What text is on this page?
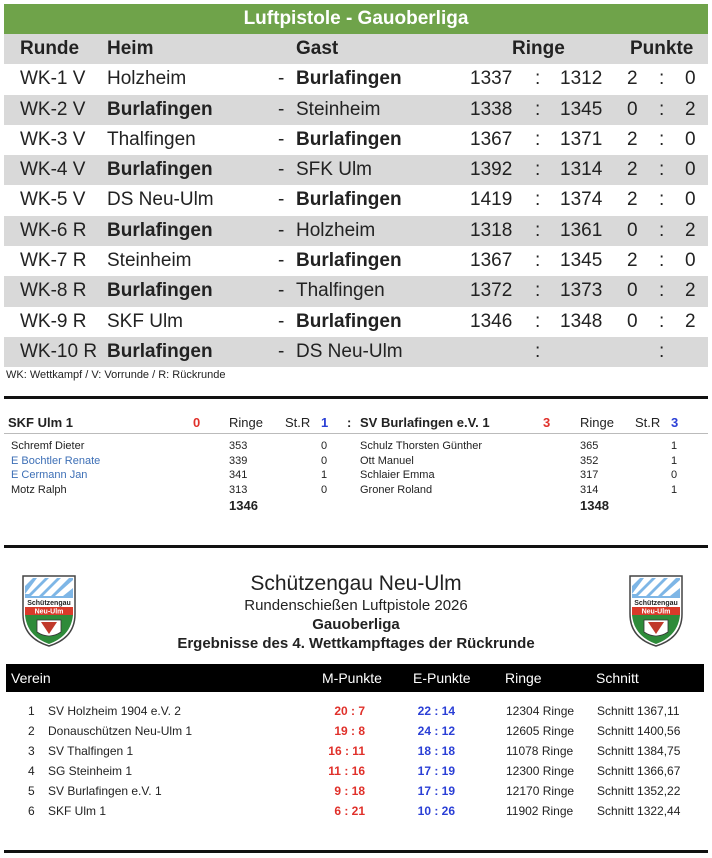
Luftpistole - Gauoberliga
Runde Heim	Gast	Ringe	Punkte
WK-1 V Holzheim	- Burlafingen	1337 : 1312 2 : 0
WK-2 V Burlafingen	- Steinheim	1338 : 1345 0 : 2
WK-3 V Thalfingen	- Burlafingen	1367 : 1371 2 : 0
WK-4 V Burlafingen	- SFK Ulm	1392 : 1314 2 : 0
WK-5 V DS Neu-Ulm	- Burlafingen	1419 : 1374 2 : 0
WK-6 R Burlafingen	- Holzheim	1318 : 1361 0 : 2
WK-7 R Steinheim	- Burlafingen	1367 : 1345 2 : 0
WK-8 R Burlafingen	- Thalfingen	1372 : 1373 0 : 2
WK-9 R SKF Ulm	- Burlafingen	1346 : 1348 0 : 2
WK-10 R Burlafingen	- DS Neu-Ulm	:	:
WK: Wettkampf / V: Vorrunde / R: Rückrunde
SKF Ulm 1	0 Ringe St.R 1 : SV Burlafingen e.V. 1	3 Ringe St.R 3
Schremf Dieter	353	0	Schulz Thorsten Günther	365	1
E Bochtler Renate	339	0	Ott Manuel	352	1
E Cermann Jan	341	1	Schlaier Emma	317	0
Motz Ralph	313	0	Groner Roland	314	1
1346	1348
Schützengau
Neu-Ulm
Schützengau
Neu-Ulm
Schützengau Neu-Ulm
Rundenschießen Luftpistole 2026
Gauoberliga
Ergebnisse des 4. Wettkampftages der Rückrunde
Verein	M-Punkte E-Punkte Ringe	Schnitt
1 SV Holzheim 1904 e.V. 2	20 : 7	22 : 14	12304 Ringe Schnitt 1367,11
2 Donauschützen Neu-Ulm 1	19 : 8	24 : 12	12605 Ringe Schnitt 1400,56
3 SV Thalfingen 1	16 : 11	18 : 18	11078 Ringe Schnitt 1384,75
4 SG Steinheim 1	11 : 16	17 : 19	12300 Ringe Schnitt 1366,67
5 SV Burlafingen e.V. 1	9 : 18	17 : 19	12170 Ringe Schnitt 1352,22
6 SKF Ulm 1	6 : 21	10 : 26	11902 Ringe Schnitt 1322,44
